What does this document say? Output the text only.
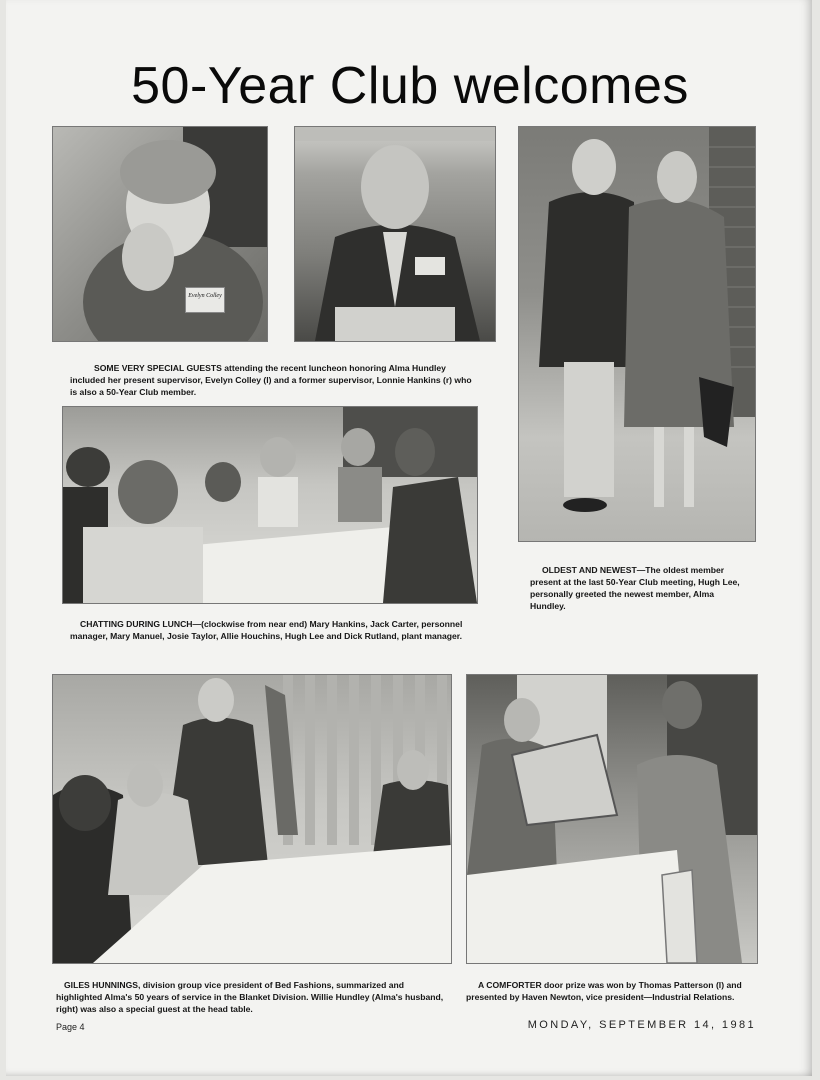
50-Year Club welcomes
Evelyn Colley
SOME VERY SPECIAL GUESTS attending the recent luncheon honoring Alma Hundley included her present supervisor, Evelyn Colley (l) and a former supervisor, Lonnie Hankins (r) who is also a 50-Year Club member.
OLDEST AND NEWEST—The oldest member present at the last 50-Year Club meeting, Hugh Lee, personally greeted the newest member, Alma Hundley.
CHATTING DURING LUNCH—(clockwise from near end) Mary Hankins, Jack Carter, personnel manager, Mary Manuel, Josie Taylor, Allie Houchins, Hugh Lee and Dick Rutland, plant manager.
GILES HUNNINGS, division group vice president of Bed Fashions, summarized and highlighted Alma's 50 years of service in the Blanket Division. Willie Hundley (Alma's husband, right) was also a special guest at the head table.
A COMFORTER door prize was won by Thomas Patterson (l) and presented by Haven Newton, vice president—Industrial Relations.
Page 4	MONDAY, SEPTEMBER 14, 1981
